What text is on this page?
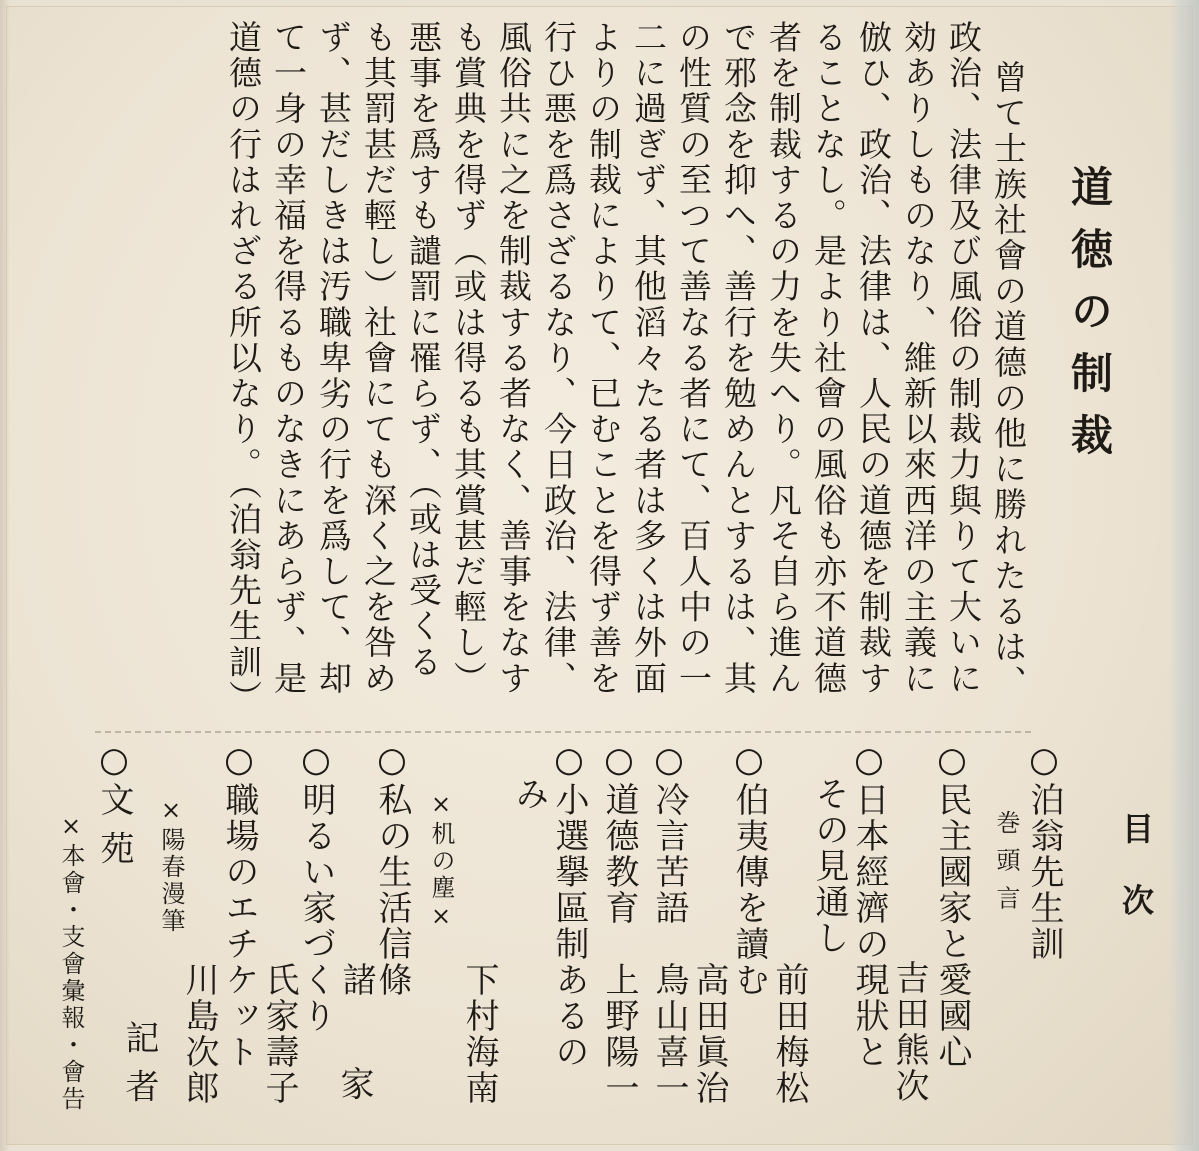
道徳の制裁
曾て士族社會の道德の他に勝れたるは、
政治、法律及び風俗の制裁力與りて大いに
効ありしものなり、維新以來西洋の主義に
倣ひ、政治、法律は、人民の道德を制裁す
ることなし。是より社會の風俗も亦不道德
者を制裁するの力を失へり。凡そ自ら進ん
で邪念を抑へ、善行を勉めんとするは、其
の性質の至つて善なる者にて、百人中の一
二に過ぎず、其他滔々たる者は多くは外面
よりの制裁によりて、已むことを得ず善を
行ひ悪を爲さざるなり、今日政治、法律、
風俗共に之を制裁する者なく、善事をなす
も賞典を得ず（或は得るも其賞甚だ輕し）
悪事を爲すも譴罰に罹らず、（或は受くる
も其罰甚だ輕し）社會にても深く之を咎め
ず、甚だしきは汚職卑劣の行を爲して、却
て一身の幸福を得るものなきにあらず、是
道德の行はれざる所以なり。（泊翁先生訓）
目 次
○泊翁先生訓
巻 頭 言
○民主國家と愛國心
吉田熊次
○日本經濟の現狀と
その見通し
前田梅松
○伯夷傳を讀む
高田眞治
○冷言苦語
鳥山喜一
○道德教育
上野陽一
○小選擧區制あるの
み
下村海南
×机の塵×
○私の生活信條
諸
○明るい家づくり
家
○職場のエチケット 氏家壽子
×陽春漫筆
川島次郎
○文 苑
記 者
×本會・支會彙報・會告
